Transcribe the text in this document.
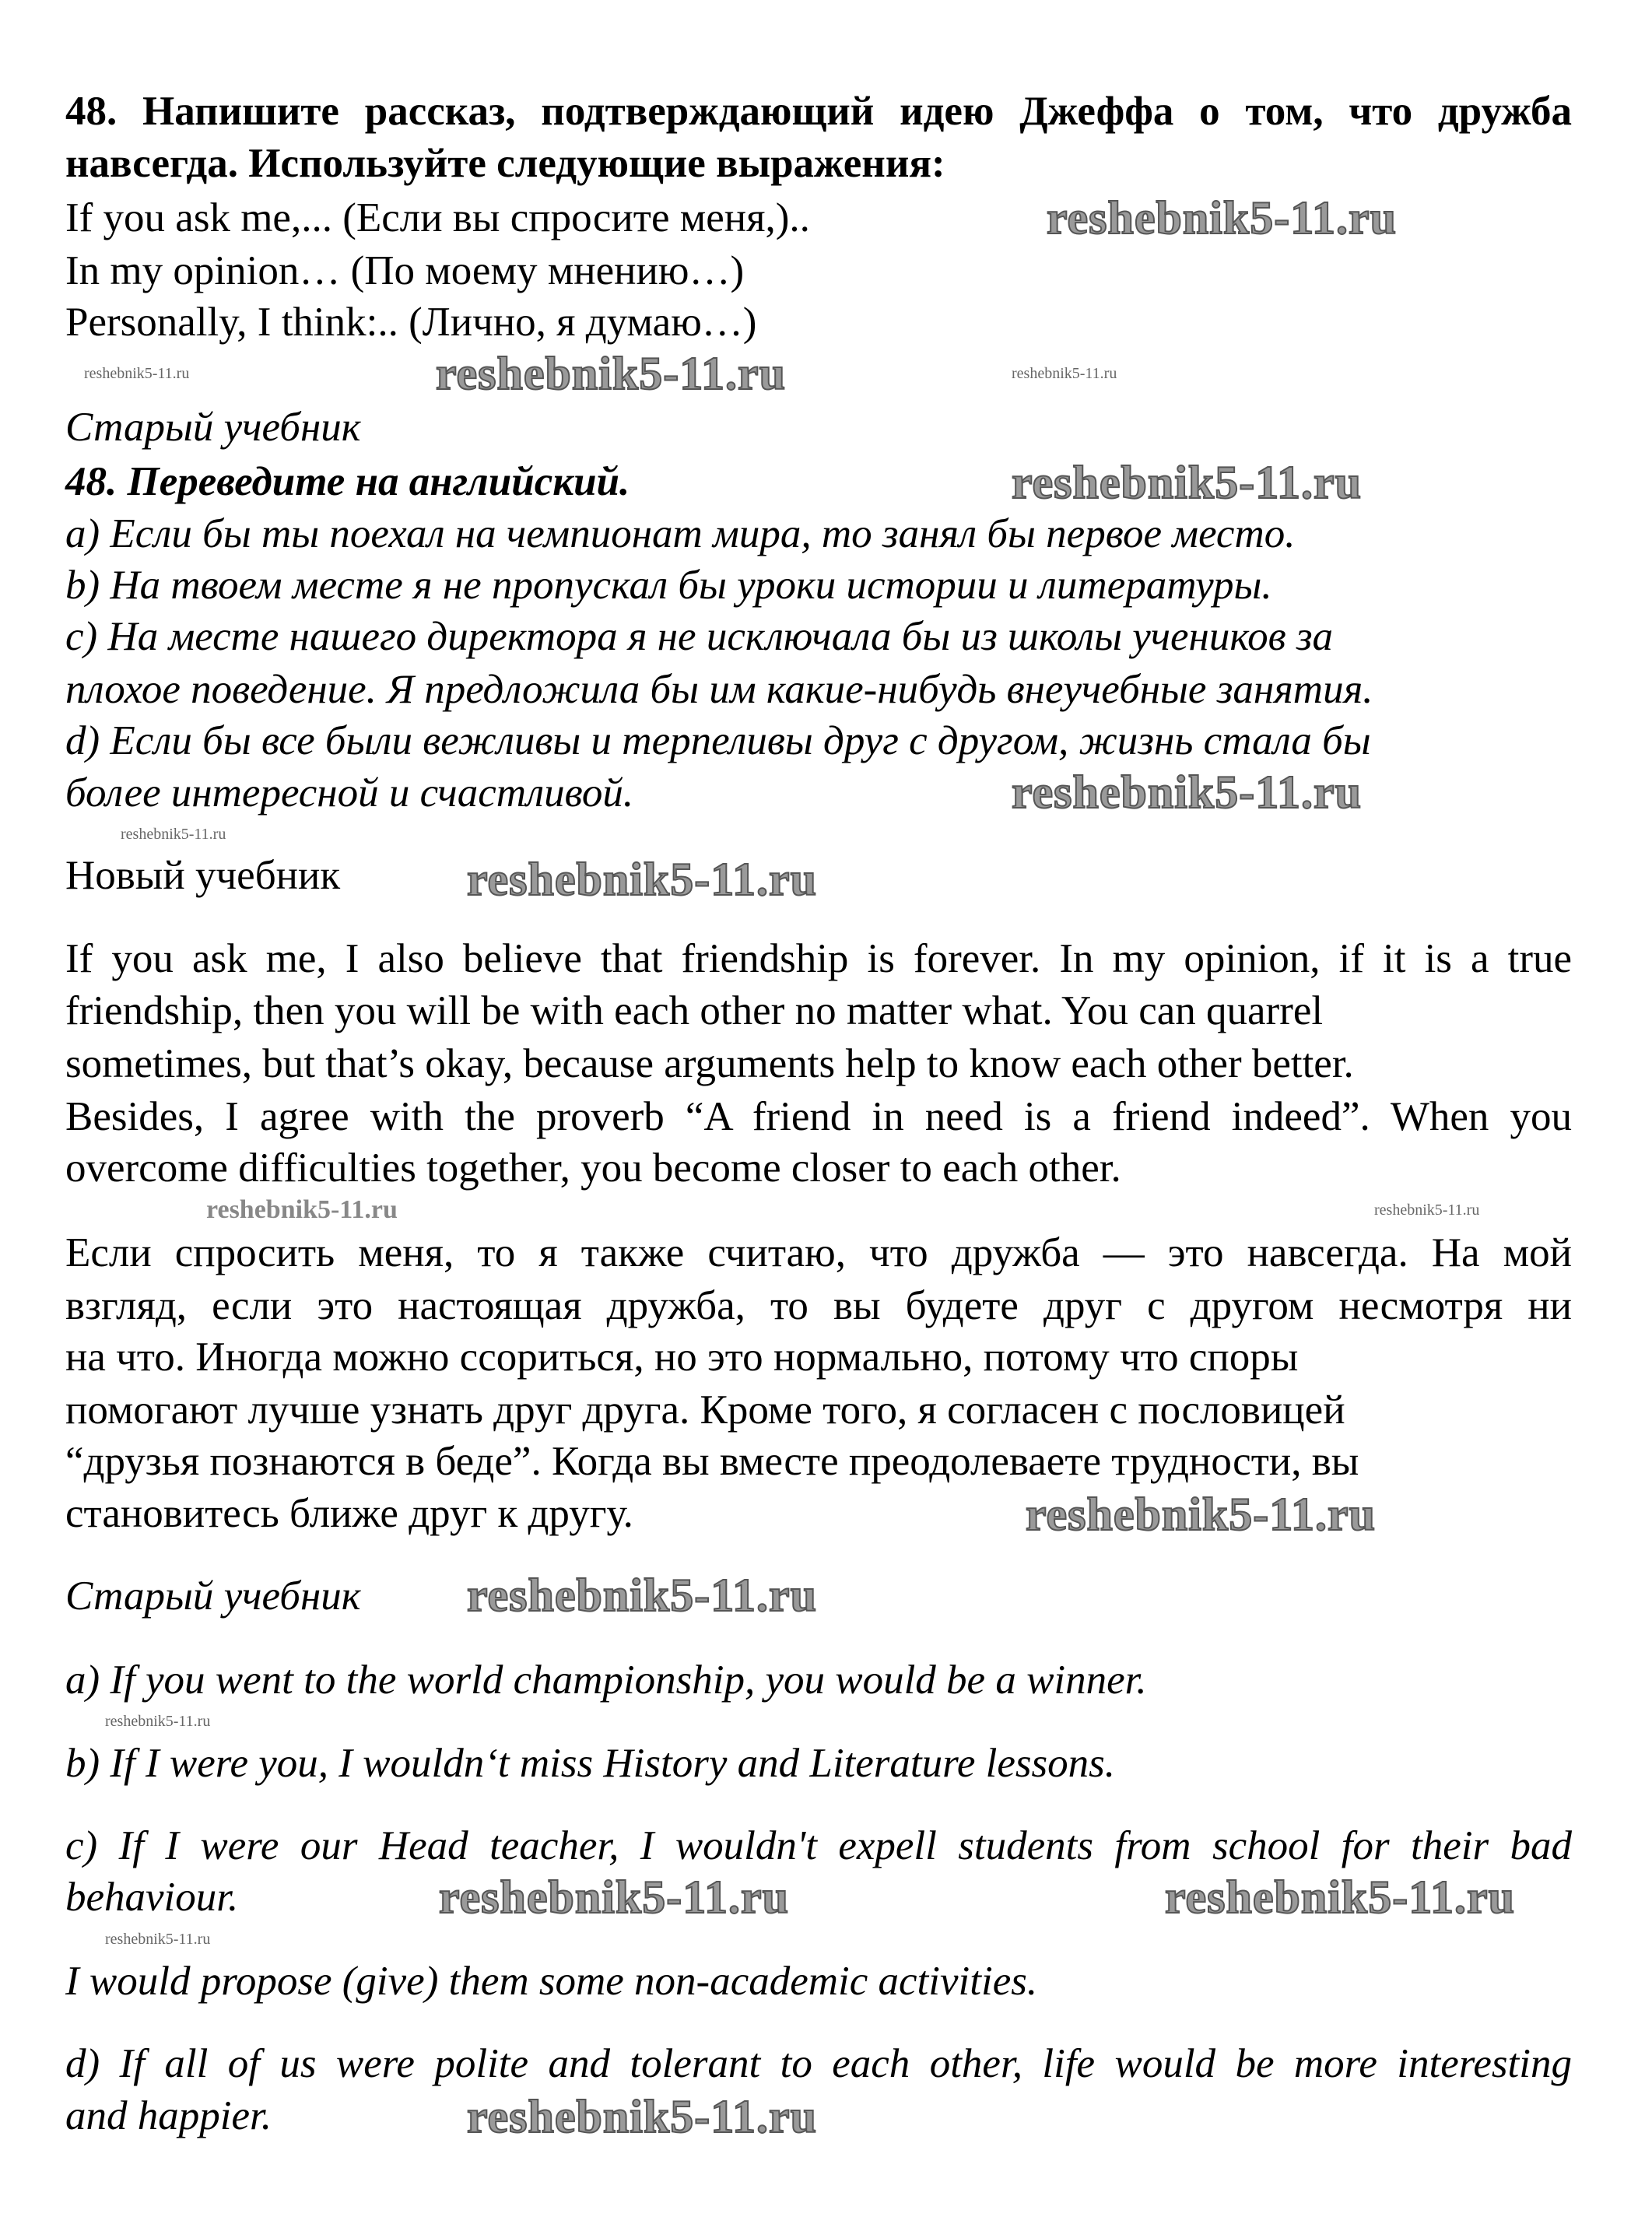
48. Напишите рассказ, подтверждающий идею Джеффа о том, что дружба
навсегда. Используйте следующие выражения:
If you ask me,... (Если вы спросите меня,)..
In my opinion… (По моему мнению…)
Personally, I think:.. (Лично, я думаю…)
Старый учебник
48. Переведите на английский.
a) Если бы ты поехал на чемпионат мира, то занял бы первое место.
b) На твоем месте я не пропускал бы уроки истории и литературы.
c) На месте нашего директора я не исключала бы из школы учеников за
плохое поведение. Я предложила бы им какие-нибудь внеучебные занятия.
d) Если бы все были вежливы и терпеливы друг с другом, жизнь стала бы
более интересной и счастливой.
Новый учебник
If you ask me, I also believe that friendship is forever. In my opinion, if it is a true
friendship, then you will be with each other no matter what. You can quarrel
sometimes, but that’s okay, because arguments help to know each other better.
Besides, I agree with the proverb “A friend in need is a friend indeed”. When you
overcome difficulties together, you become closer to each other.
Если спросить меня, то я также считаю, что дружба — это навсегда. На мой
взгляд, если это настоящая дружба, то вы будете друг с другом несмотря ни
на что. Иногда можно ссориться, но это нормально, потому что споры
помогают лучше узнать друг друга. Кроме того, я согласен с пословицей
“друзья познаются в беде”. Когда вы вместе преодолеваете трудности, вы
становитесь ближе друг к другу.
Старый учебник
a) If you went to the world championship, you would be a winner.
b) If I were you, I wouldn‘t miss History and Literature lessons.
c) If I were our Head teacher, I wouldn't expell students from school for their bad
behaviour.
I would propose (give) them some non-academic activities.
d) If all of us were polite and tolerant to each other, life would be more interesting
and happier.
reshebnik5-11.ru
reshebnik5-11.ru
reshebnik5-11.ru
reshebnik5-11.ru
reshebnik5-11.ru
reshebnik5-11.ru
reshebnik5-11.ru
reshebnik5-11.ru	reshebnik5-11.ru
reshebnik5-11.ru
reshebnik5-11.ru	reshebnik5-11.ru
reshebnik5-11.ru
reshebnik5-11.ru
reshebnik5-11.ru
reshebnik5-11.ru
reshebnik5-11.ru
